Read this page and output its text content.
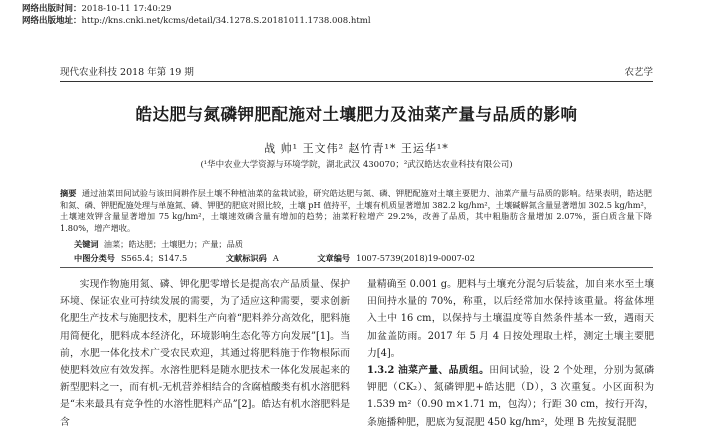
网络出版时间：2018-10-11 17:40:29
网络出版地址：http://kns.cnki.net/kcms/detail/34.1278.S.20181011.1738.008.html
现代农业科技 2018 年第 19 期	农艺学
皓达肥与氮磷钾肥配施对土壤肥力及油菜产量与品质的影响
战 帅¹ 王文伟² 赵竹青¹* 王运华¹*
(¹华中农业大学资源与环境学院，湖北武汉 430070；²武汉皓达农业科技有限公司)
摘要 通过油菜田间试验与该田间耕作层土壤不种植油菜的盆栽试验，研究皓达肥与氮、磷、钾肥配施对土壤主要肥力、油菜产量与品质的影响。结果表明，皓达肥和氮、磷、钾肥配施处理与单施氮、磷、钾肥的肥底对照比较，土壤 pH 值持平，土壤有机质显著增加 382.2 kg/hm²，土壤碱解氮含量显著增加 302.5 kg/hm²，土壤速效钾含量显著增加 75 kg/hm²，土壤速效磷含量有增加的趋势；油菜籽粒增产 29.2%，改善了品质，其中粗脂肪含量增加 2.07%，蛋白质含量下降 1.80%，增产增收。
关键词 油菜；皓达肥；土壤肥力；产量；品质
中图分类号 S565.4；S147.5	文献标识码 A	文章编号 1007-5739(2018)19-0007-02
实现作物施用氮、磷、钾化肥零增长是提高农产品质量、保护环境、保证农业可持续发展的需要，为了适应这种需要，要求创新化肥生产技术与施肥技术，肥料生产向着“肥料养分高效化，肥料施用简便化，肥料成本经济化，环境影响生态化等方向发展”[1]。当前，水肥一体化技术广受农民欢迎，其通过将肥料施于作物根际而使肥料效应有效发挥。水溶性肥料是随水肥技术一体化发展起来的新型肥料之一，而有机-无机营养相结合的含腐植酸类有机水溶肥料是“未来最具有竞争性的水溶性肥料产品”[2]。皓达有机水溶肥料是含

量精确至 0.001 g。肥料与土壤充分混匀后装盆，加自来水至土壤田间持水量的 70%，称重，以后经常加水保持该重量。将盆体埋入土中 16 cm，以保持与土壤温度等自然条件基本一致，遇雨天加盆盖防雨。2017 年 5 月 4 日按处理取土样，测定土壤主要肥力[4]。

1.3.2 油菜产量、品质组。田间试验，设 2 个处理，分别为氮磷钾肥（CK₂）、氮磷钾肥+皓达肥（D），3 次重复。小区面积为 1.539 m²（0.90 m×1.71 m，包沟）；行距 30 cm，按行开沟，条施播种肥，肥底为复混肥 450 kg/hm²，处理 B 先按复混肥
